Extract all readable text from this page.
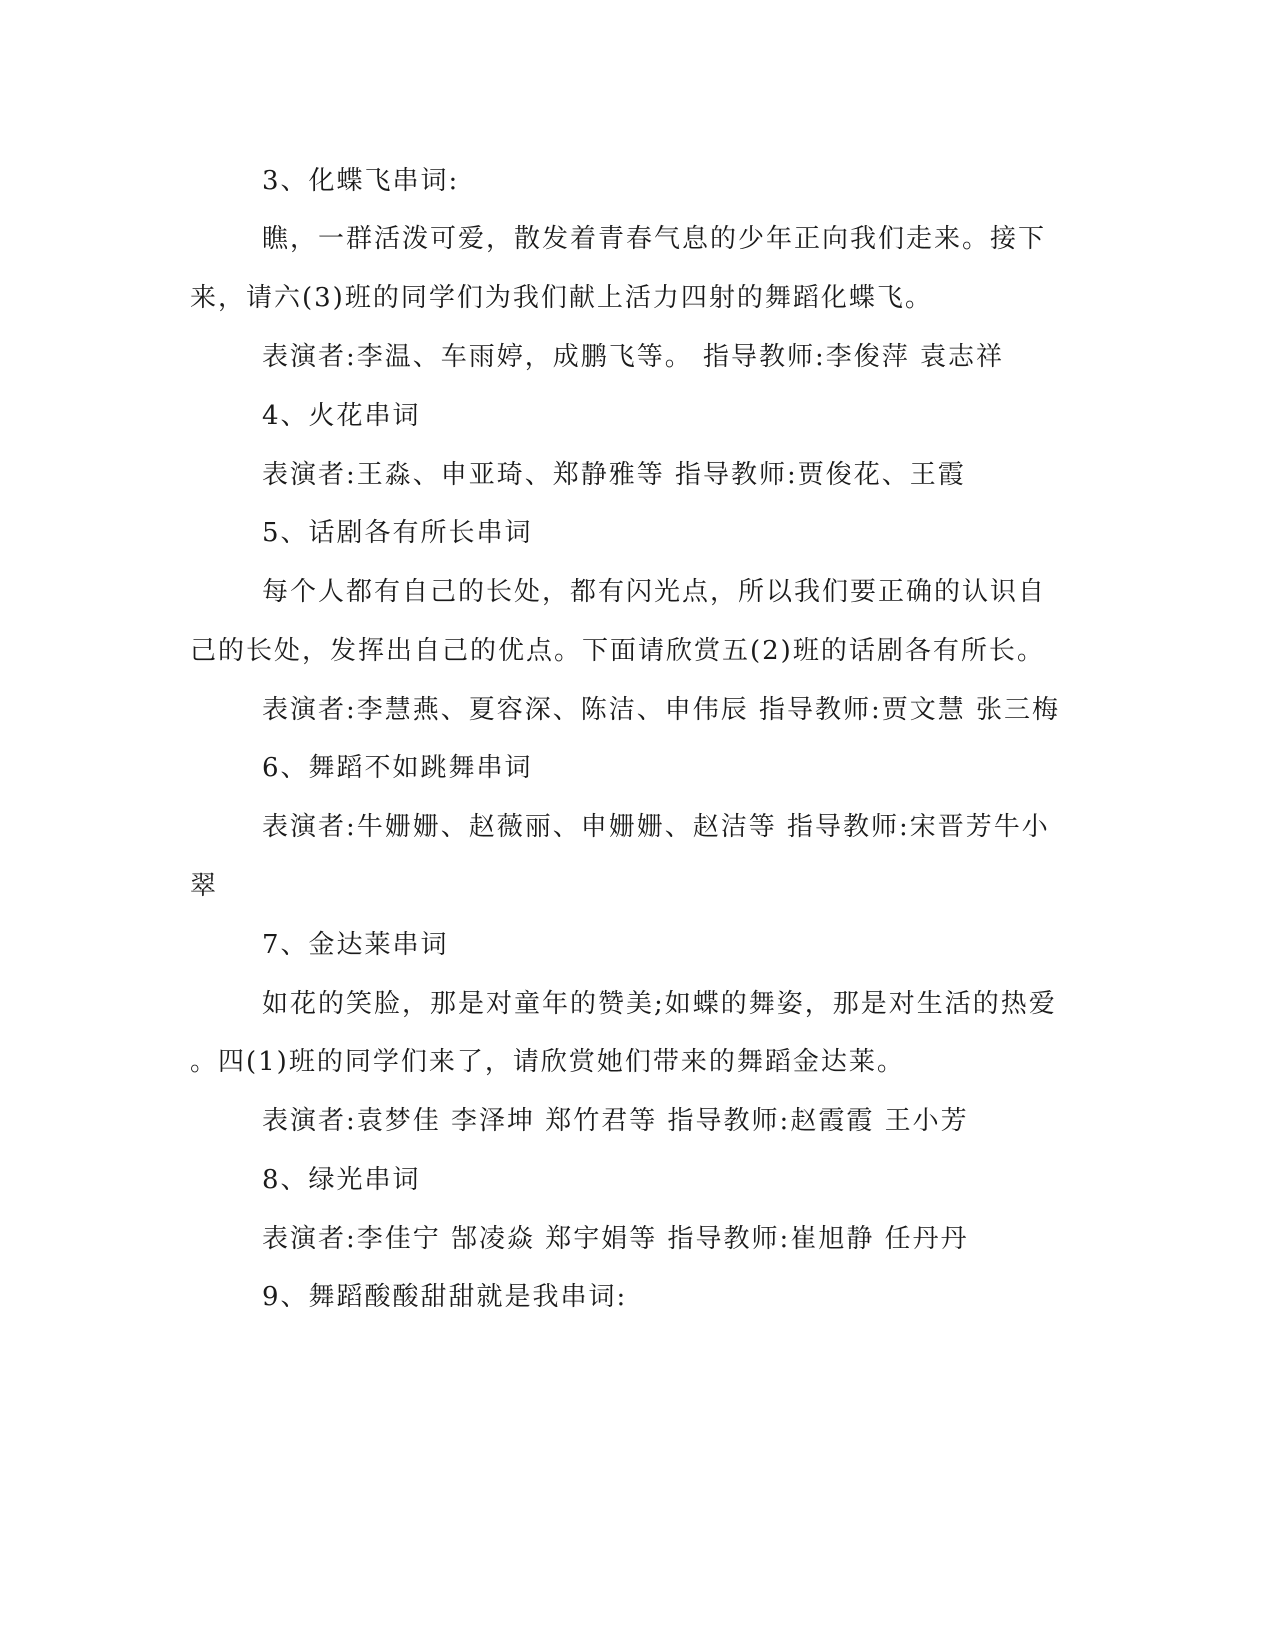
3、化蝶飞串词:

瞧，一群活泼可爱，散发着青春气息的少年正向我们走来。接下

来，请六(3)班的同学们为我们献上活力四射的舞蹈化蝶飞。

表演者:李温、车雨婷，成鹏飞等。 指导教师:李俊萍 袁志祥

4、火花串词

表演者:王淼、申亚琦、郑静雅等 指导教师:贾俊花、王霞

5、话剧各有所长串词

每个人都有自己的长处，都有闪光点，所以我们要正确的认识自

己的长处，发挥出自己的优点。下面请欣赏五(2)班的话剧各有所长。

表演者:李慧燕、夏容深、陈洁、申伟辰 指导教师:贾文慧 张三梅

6、舞蹈不如跳舞串词

表演者:牛姗姗、赵薇丽、申姗姗、赵洁等 指导教师:宋晋芳牛小

翠

7、金达莱串词

如花的笑脸，那是对童年的赞美;如蝶的舞姿，那是对生活的热爱

。四(1)班的同学们来了，请欣赏她们带来的舞蹈金达莱。

表演者:袁梦佳 李泽坤 郑竹君等 指导教师:赵霞霞 王小芳

8、绿光串词

表演者:李佳宁 郜凌焱 郑宇娟等 指导教师:崔旭静 任丹丹

9、舞蹈酸酸甜甜就是我串词:
